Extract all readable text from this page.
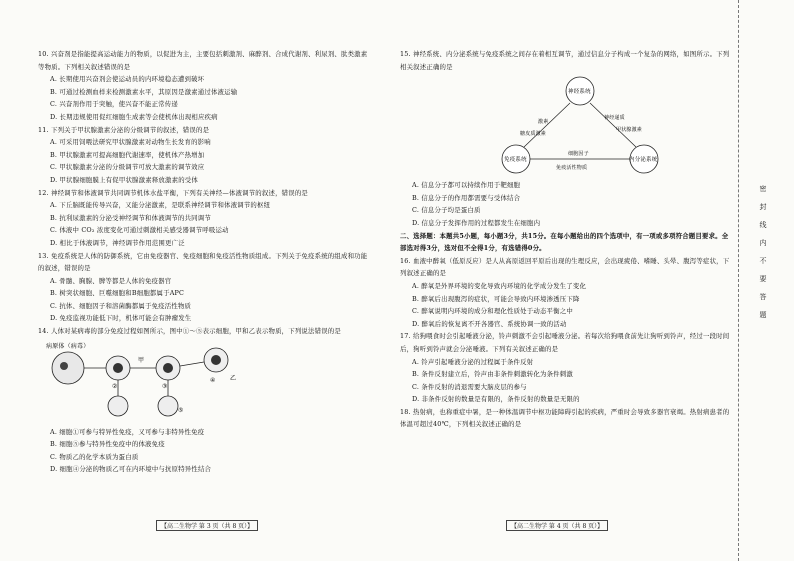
10. 兴奋剂是指能提高运动能力的物质，以促进为主，主要包括刺激剂、麻醉剂、合成代谢剂、利尿剂、肽类激素等物质。下列相关叙述错误的是
A. 长期使用兴奋剂会使运动员的内环境稳态遭到破坏
B. 可通过检测血样来检测激素水平，其原因是激素通过体液运输
C. 兴奋剂作用于突触，使兴奋不能正常传递
D. 长期违规使用促红细胞生成素等会使机体出现相应疾病
11. 下列关于甲状腺激素分泌的分级调节的叙述，错误的是
A. 可采用饲喂法研究甲状腺激素对动物生长发育的影响
B. 甲状腺激素可提高细胞代谢速率，使机体产热增加
C. 甲状腺激素分泌的分级调节可放大激素的调节效应
D. 甲状腺细胞膜上有促甲状腺激素释放激素的受体
12. 神经调节和体液调节共同调节机体水盐平衡，下列有关神经—体液调节的叙述，错误的是
A. 下丘脑既能传导兴奋，又能分泌激素，是联系神经调节和体液调节的枢纽
B. 抗利尿激素的分泌受神经调节和体液调节的共同调节
C. 体液中 CO₂ 浓度变化可通过刺激相关感受器调节呼吸运动
D. 相比于体液调节，神经调节作用范围更广泛
13. 免疫系统是人体的防御系统，它由免疫器官、免疫细胞和免疫活性物质组成。下列关于免疫系统的组成和功能的叙述，错误的是
A. 骨髓、胸腺、脾等都是人体的免疫器官
B. 树突状细胞、巨噬细胞和B细胞都属于APC
C. 抗体、细胞因子和溶菌酶都属于免疫活性物质
D. 免疫监视功能低下时，机体可能会有肿瘤发生
14. 人体对某病毒的部分免疫过程如图所示，图中①～⑤表示细胞，甲和乙表示物质，下列说法错误的是
病原体（病毒）
甲
乙
②	③
④
⑤
A. 细胞①可参与特异性免疫，又可参与非特异性免疫
B. 细胞⑤参与特异性免疫中的体液免疫
C. 物质乙的化学本质为蛋白质
D. 细胞④分泌的物质乙可在内环境中与抗原特异性结合
【高二生物学 第 3 页（共 8 页）】
15. 神经系统、内分泌系统与免疫系统之间存在着相互调节，通过信息分子构成一个复杂的网络，如图所示。下列相关叙述正确的是
神经系统
免疫系统	内分泌系统
神经递质
激素
细胞因子
免疫活性物质
甲状腺激素
糖皮质激素
A. 信息分子都可以持续作用于靶细胞
B. 信息分子的作用都需要与受体结合
C. 信息分子均是蛋白质
D. 信息分子发挥作用的过程都发生在细胞内
二、选择题：本题共5小题，每小题3分，共15分。在每小题给出的四个选项中，有一项或多项符合题目要求。全部选对得3分，选对但不全得1分，有选错得0分。
16. 血液中醉氧（低原反应）是人从高原返回平原后出现的生理反应，会出现疲倦、嗜睡、头晕、腹泻等症状，下列叙述正确的是
A. 醉氧是外界环境的变化导致内环境的化学成分发生了变化
B. 醉氧后出现腹泻的症状，可能会导致内环境渗透压下降
C. 醉氧说明内环境的成分和理化性质处于动态平衡之中
D. 醉氧后的恢复离不开各器官、系统协调一致的活动
17. 给狗喂食时会引起唾液分泌，铃声刺激不会引起唾液分泌。若每次给狗喂食前先让狗听到铃声，经过一段时间后，狗听到铃声就会分泌唾液。下列有关叙述正确的是
A. 铃声引起唾液分泌的过程属于条件反射
B. 条件反射建立后，铃声由非条件刺激转化为条件刺激
C. 条件反射的消退需要大脑皮层的参与
D. 非条件反射的数量是有限的，条件反射的数量是无限的
18. 热射病，也称重症中暑，是一种体温调节中枢功能障碍引起的疾病，严重时会导致多器官衰竭。热射病患者的体温可超过40℃，下列相关叙述正确的是
【高二生物学 第 4 页（共 8 页）】
密
封
线
内
不
要
答
题
